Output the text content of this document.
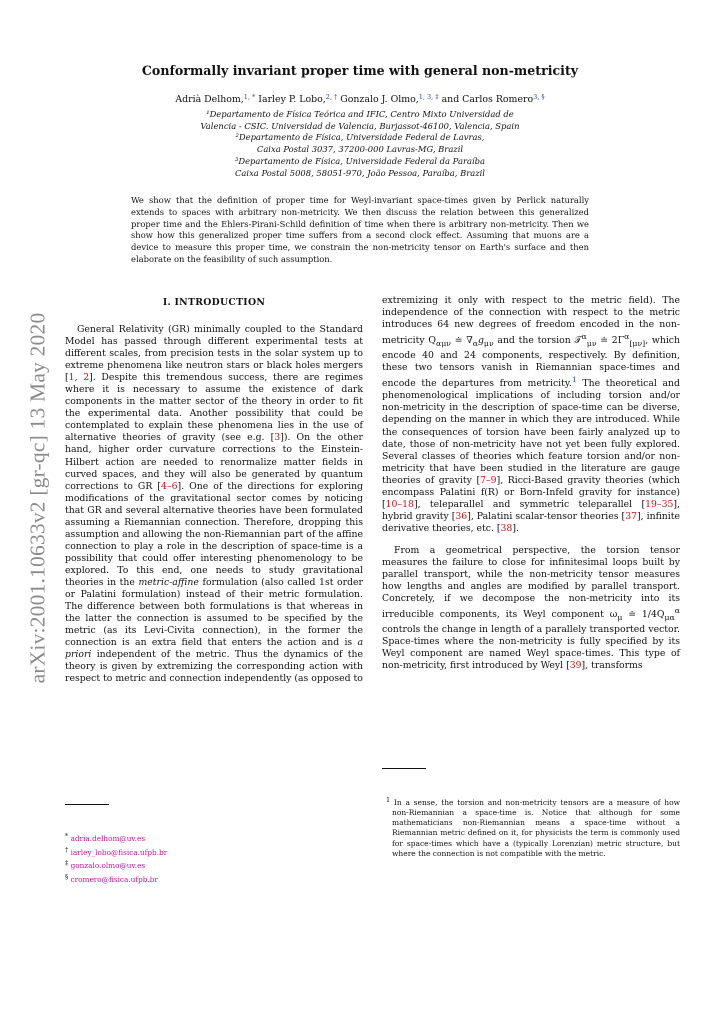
arXiv:2001.10633v2 [gr-qc] 13 May 2020
Conformally invariant proper time with general non-metricity
Adrià Delhom,$^{1, *}$ Iarley P. Lobo,$^{2, \dagger}$ Gonzalo J. Olmo,$^{1, 3, \ddagger}$ and Carlos Romero$^{3, \S}$
¹Departamento de Física Teórica and IFIC, Centro Mixto Universidad de
Valencia - CSIC. Universidad de Valencia, Burjassot-46100, Valencia, Spain
²Departamento de Física, Universidade Federal de Lavras,
Caixa Postal 3037, 37200-000 Lavras-MG, Brazil
³Departamento de Física, Universidade Federal da Paraíba
Caixa Postal 5008, 58051-970, João Pessoa, Paraíba, Brazil
We show that the definition of proper time for Weyl-invariant space-times given by Perlick naturally extends to spaces with arbitrary non-metricity. We then discuss the relation between this generalized proper time and the Ehlers-Pirani-Schild definition of time when there is arbitrary non-metricity. Then we show how this generalized proper time suffers from a second clock effect. Assuming that muons are a device to measure this proper time, we constrain the non-metricity tensor on Earth's surface and then elaborate on the feasibility of such assumption.
I. INTRODUCTION

General Relativity (GR) minimally coupled to the Standard Model has passed through different experimental tests at different scales, from precision tests in the solar system up to extreme phenomena like neutron stars or black holes mergers [1, 2]. Despite this tremendous success, there are regimes where it is necessary to assume the existence of dark components in the matter sector of the theory in order to fit the experimental data. Another possibility that could be contemplated to explain these phenomena lies in the use of alternative theories of gravity (see e.g. [3]). On the other hand, higher order curvature corrections to the Einstein-Hilbert action are needed to renormalize matter fields in curved spaces, and they will also be generated by quantum corrections to GR [4–6]. One of the directions for exploring modifications of the gravitational sector comes by noticing that GR and several alternative theories have been formulated assuming a Riemannian connection. Therefore, dropping this assumption and allowing the non-Riemannian part of the affine connection to play a role in the description of space-time is a possibility that could offer interesting phenomenology to be explored. To this end, one needs to study gravitational theories in the metric-affine formulation (also called 1st order or Palatini formulation) instead of their metric formulation. The difference between both formulations is that whereas in the latter the connection is assumed to be specified by the metric (as its Levi-Civita connection), in the former the connection is an extra field that enters the action and is a priori independent of the metric. Thus the dynamics of the theory is given by extremizing the corresponding action with respect to metric and connection independently (as opposed to

extremizing it only with respect to the metric field). The independence of the connection with respect to the metric introduces 64 new degrees of freedom encoded in the non-metricity $Q_{\alpha\mu\nu}$ ≐ $\nabla_\alpha g_{\mu\nu}$ and the torsion 𝒯$^\alpha_{\mu\nu}$ ≐ $2\Gamma^\alpha_{[\mu\nu]}$, which encode 40 and 24 components, respectively. By definition, these two tensors vanish in Riemannian space-times and encode the departures from metricity.$^1$ The theoretical and phenomenological implications of including torsion and/or non-metricity in the description of space-time can be diverse, depending on the manner in which they are introduced. While the consequences of torsion have been fairly analyzed up to date, those of non-metricity have not yet been fully explored. Several classes of theories which feature torsion and/or non-metricity that have been studied in the literature are gauge theories of gravity [7–9], Ricci-Based gravity theories (which encompass Palatini f(R) or Born-Infeld gravity for instance) [10–18], teleparallel and symmetric teleparallel [19–35], hybrid gravity [36], Palatini scalar-tensor theories [37], infinite derivative theories, etc. [38].

From a geometrical perspective, the torsion tensor measures the failure to close for infinitesimal loops built by parallel transport, while the non-metricity tensor measures how lengths and angles are modified by parallel transport. Concretely, if we decompose the non-metricity into its irreducible components, its Weyl component $\omega_\mu$ ≐ $1/4Q_{\mu\alpha}^\alpha$ controls the change in length of a parallely transported vector. Space-times where the non-metricity is fully specified by its Weyl component are named Weyl space-times. This type of non-metricity, first introduced by Weyl [39], transforms

* adria.delhom@uv.es
† iarley_lobo@fisica.ufpb.br
‡ gonzalo.olmo@uv.es
§ cromero@fisica.ufpb.br
1 In a sense, the torsion and non-metricity tensors are a measure of how non-Riemannian a space-time is. Notice that although for some mathematicians non-Riemannian means a space-time without a Riemannian metric defined on it, for physicists the term is commonly used for space-times which have a (typically Lorenzian) metric structure, but where the connection is not compatible with the metric.
